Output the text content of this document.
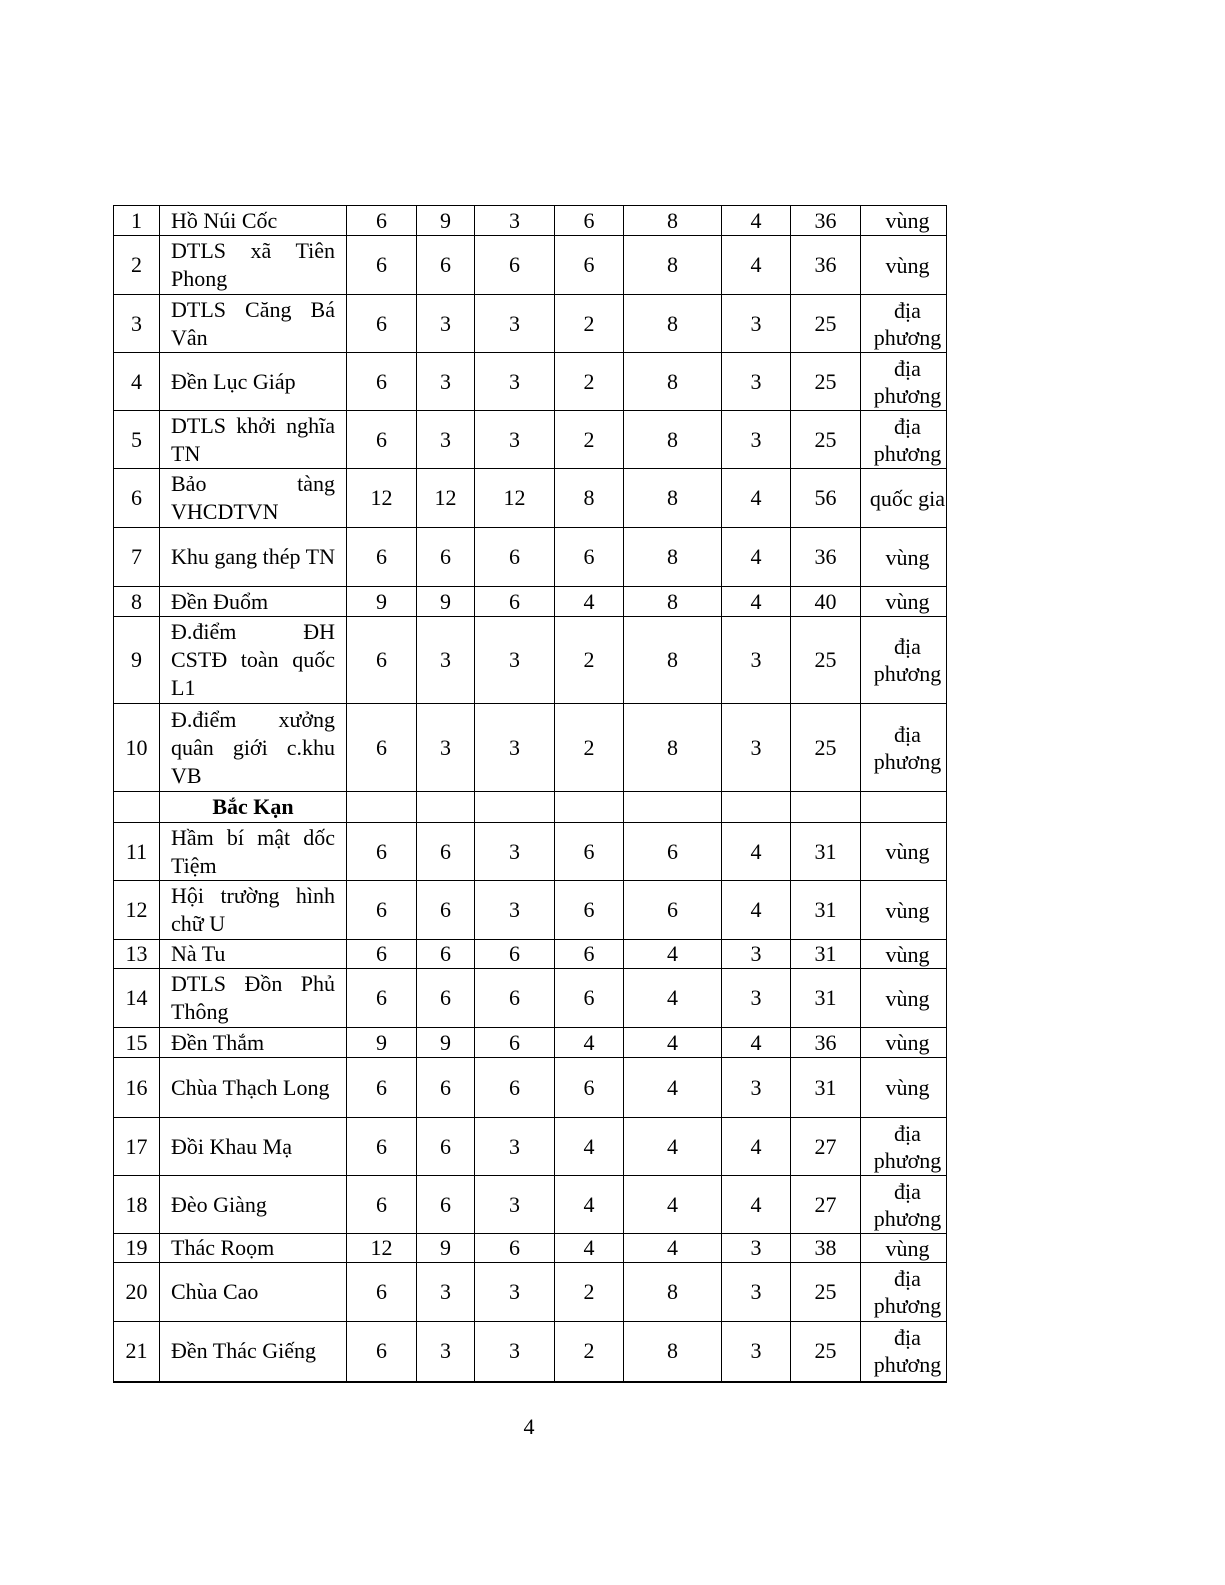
1	Hồ Núi Cốc	6	9	3	6	8	4	36	vùng
2	DTLS xã Tiên Phong	6	6	6	6	8	4	36	vùng
3	DTLS Căng Bá Vân	6	3	3	2	8	3	25	địa phương
4	Đền Lục Giáp	6	3	3	2	8	3	25	địa phương
5	DTLS khởi nghĩa TN	6	3	3	2	8	3	25	địa phương
6	Bảo tàng VHCDTVN	12	12	12	8	8	4	56	quốc gia
7	Khu gang thép TN	6	6	6	6	8	4	36	vùng
8	Đền Đuổm	9	9	6	4	8	4	40	vùng
9	Đ.điểm ĐH CSTĐ toàn quốc L1	6	3	3	2	8	3	25	địa phương
10	Đ.điểm xưởng quân giới c.khu VB	6	3	3	2	8	3	25	địa phương
	Bắc Kạn								
11	Hầm bí mật dốc Tiệm	6	6	3	6	6	4	31	vùng
12	Hội trường hình chữ U	6	6	3	6	6	4	31	vùng
13	Nà Tu	6	6	6	6	4	3	31	vùng
14	DTLS Đồn Phủ Thông	6	6	6	6	4	3	31	vùng
15	Đền Thắm	9	9	6	4	4	4	36	vùng
16	Chùa Thạch Long	6	6	6	6	4	3	31	vùng
17	Đồi Khau Mạ	6	6	3	4	4	4	27	địa phương
18	Đèo Giàng	6	6	3	4	4	4	27	địa phương
19	Thác Roọm	12	9	6	4	4	3	38	vùng
20	Chùa Cao	6	3	3	2	8	3	25	địa phương
21	Đền Thác Giếng	6	3	3	2	8	3	25	địa phương
4
